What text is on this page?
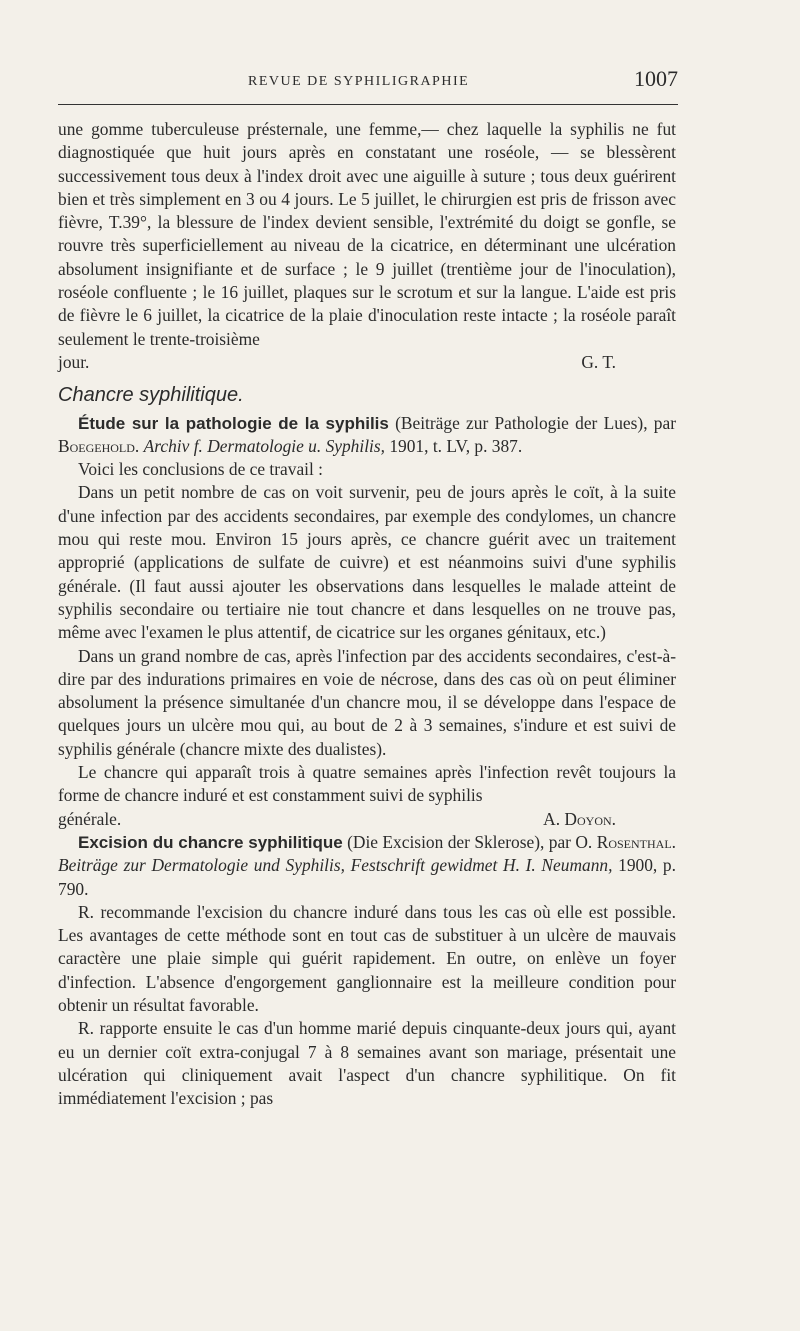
REVUE DE SYPHILIGRAPHIE	1007

une gomme tuberculeuse présternale, une femme,— chez laquelle la syphilis ne fut diagnostiquée que huit jours après en constatant une roséole, — se blessèrent successivement tous deux à l'index droit avec une aiguille à suture ; tous deux guérirent bien et très simplement en 3 ou 4 jours. Le 5 juillet, le chirurgien est pris de frisson avec fièvre, T.39°, la blessure de l'index devient sensible, l'extrémité du doigt se gonfle, se rouvre très superficiellement au niveau de la cicatrice, en déterminant une ulcération absolument insignifiante et de surface ; le 9 juillet (trentième jour de l'inoculation), roséole confluente ; le 16 juillet, plaques sur le scrotum et sur la langue. L'aide est pris de fièvre le 6 juillet, la cicatrice de la plaie d'inoculation reste intacte ; la roséole paraît seulement le trente-troisième

jour.	G. T.

Chancre syphilitique.

Étude sur la pathologie de la syphilis (Beiträge zur Pathologie der Lues), par Boegehold. Archiv f. Dermatologie u. Syphilis, 1901, t. LV, p. 387.

Voici les conclusions de ce travail :

Dans un petit nombre de cas on voit survenir, peu de jours après le coït, à la suite d'une infection par des accidents secondaires, par exemple des condylomes, un chancre mou qui reste mou. Environ 15 jours après, ce chancre guérit avec un traitement approprié (applications de sulfate de cuivre) et est néanmoins suivi d'une syphilis générale. (Il faut aussi ajouter les observations dans lesquelles le malade atteint de syphilis secondaire ou tertiaire nie tout chancre et dans lesquelles on ne trouve pas, même avec l'examen le plus attentif, de cicatrice sur les organes génitaux, etc.)

Dans un grand nombre de cas, après l'infection par des accidents secondaires, c'est-à-dire par des indurations primaires en voie de nécrose, dans des cas où on peut éliminer absolument la présence simultanée d'un chancre mou, il se développe dans l'espace de quelques jours un ulcère mou qui, au bout de 2 à 3 semaines, s'indure et est suivi de syphilis générale (chancre mixte des dualistes).

Le chancre qui apparaît trois à quatre semaines après l'infection revêt toujours la forme de chancre induré et est constamment suivi de syphilis

générale.	A. Doyon.

Excision du chancre syphilitique (Die Excision der Sklerose), par O. Rosenthal. Beiträge zur Dermatologie und Syphilis, Festschrift gewidmet H. I. Neumann, 1900, p. 790.

R. recommande l'excision du chancre induré dans tous les cas où elle est possible. Les avantages de cette méthode sont en tout cas de substituer à un ulcère de mauvais caractère une plaie simple qui guérit rapidement. En outre, on enlève un foyer d'infection. L'absence d'engorgement ganglionnaire est la meilleure condition pour obtenir un résultat favorable.

R. rapporte ensuite le cas d'un homme marié depuis cinquante-deux jours qui, ayant eu un dernier coït extra-conjugal 7 à 8 semaines avant son mariage, présentait une ulcération qui cliniquement avait l'aspect d'un chancre syphilitique. On fit immédiatement l'excision ; pas
